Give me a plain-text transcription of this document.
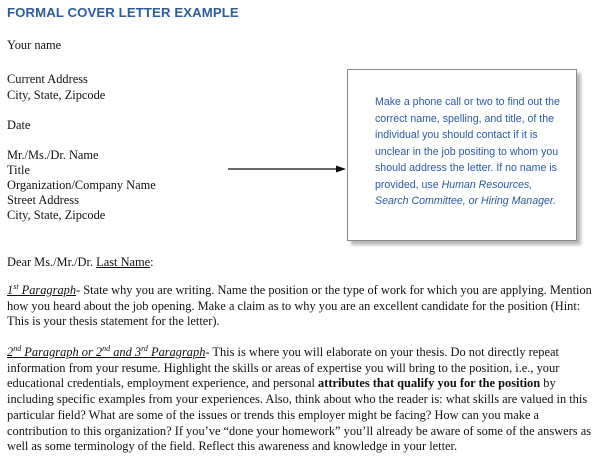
FORMAL COVER LETTER EXAMPLE
Your name
Current Address
City, State, Zipcode
Date
Mr./Ms./Dr. Name
Title
Organization/Company Name
Street Address
City, State, Zipcode

Make a phone call or two to find out the correct name, spelling, and title, of the individual you should contact if it is unclear in the job positing to whom you should address the letter. If no name is provided, use Human Resources, Search Committee, or Hiring Manager.

Dear Ms./Mr./Dr. Last Name:

1st Paragraph- State why you are writing. Name the position or the type of work for which you are applying. Mention how you heard about the job opening. Make a claim as to why you are an excellent candidate for the position (Hint: This is your thesis statement for the letter).

2nd Paragraph or 2nd and 3rd Paragraph- This is where you will elaborate on your thesis. Do not directly repeat information from your resume. Highlight the skills or areas of expertise you will bring to the position, i.e., your educational credentials, employment experience, and personal attributes that qualify you for the position by including specific examples from your experiences. Also, think about who the reader is: what skills are valued in this particular field? What are some of the issues or trends this employer might be facing? How can you make a contribution to this organization? If you’ve “done your homework” you’ll already be aware of some of the answers as well as some terminology of the field. Reflect this awareness and knowledge in your letter.
